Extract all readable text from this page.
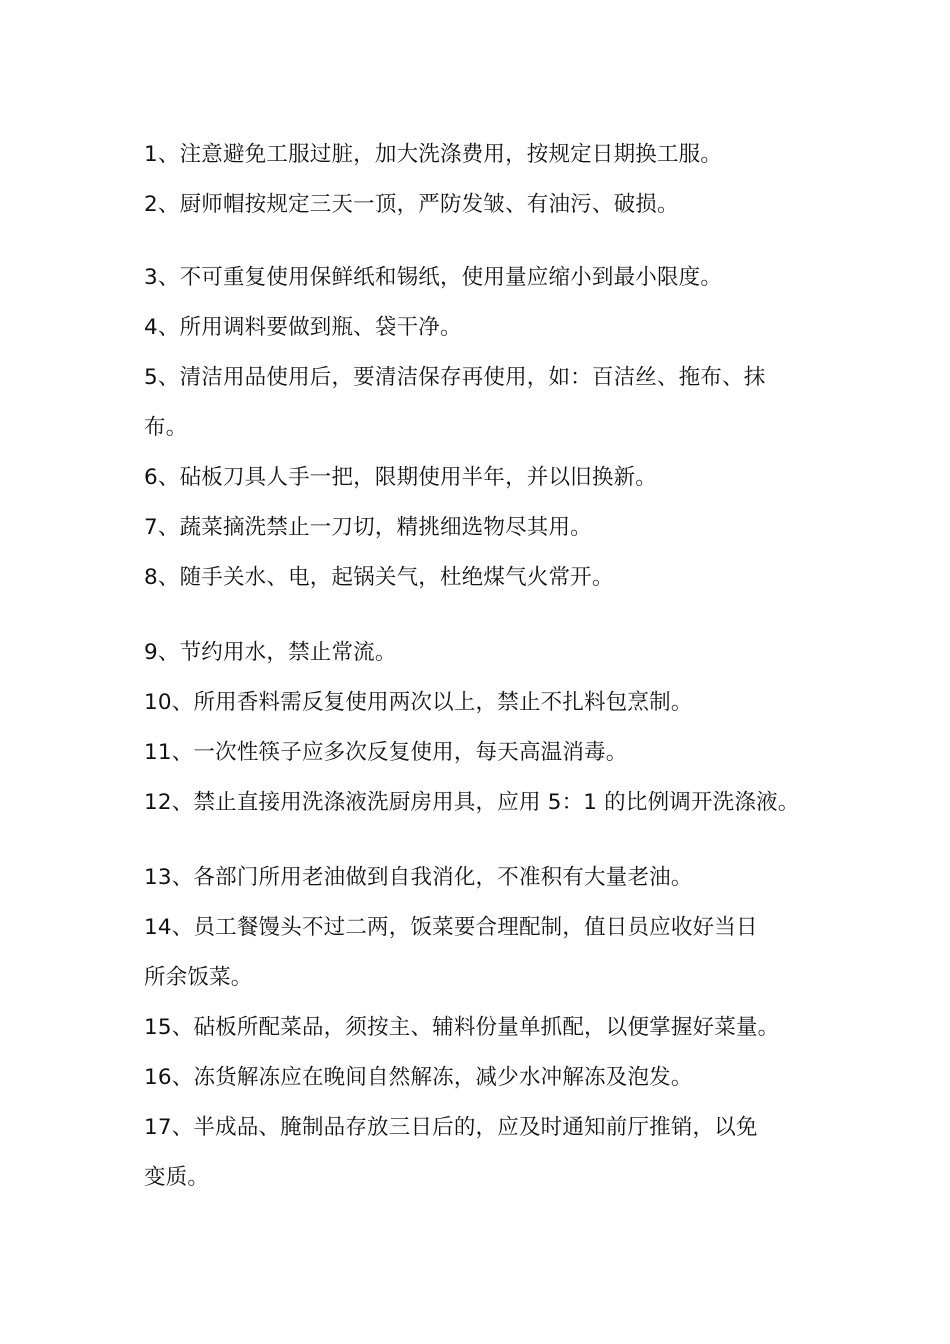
1、注意避免工服过脏，加大洗涤费用，按规定日期换工服。
2、厨师帽按规定三天一顶，严防发皱、有油污、破损。
3、不可重复使用保鲜纸和锡纸，使用量应缩小到最小限度。
4、所用调料要做到瓶、袋干净。
5、清洁用品使用后，要清洁保存再使用，如：百洁丝、拖布、抹
布。
6、砧板刀具人手一把，限期使用半年，并以旧换新。
7、蔬菜摘洗禁止一刀切，精挑细选物尽其用。
8、随手关水、电，起锅关气，杜绝煤气火常开。
9、节约用水，禁止常流。
10、所用香料需反复使用两次以上，禁止不扎料包烹制。
11、一次性筷子应多次反复使用，每天高温消毒。
12、禁止直接用洗涤液洗厨房用具，应用 5：1 的比例调开洗涤液。
13、各部门所用老油做到自我消化，不准积有大量老油。
14、员工餐馒头不过二两，饭菜要合理配制，值日员应收好当日
所余饭菜。
15、砧板所配菜品，须按主、辅料份量单抓配，以便掌握好菜量。
16、冻货解冻应在晚间自然解冻，减少水冲解冻及泡发。
17、半成品、腌制品存放三日后的，应及时通知前厅推销，以免
变质。
